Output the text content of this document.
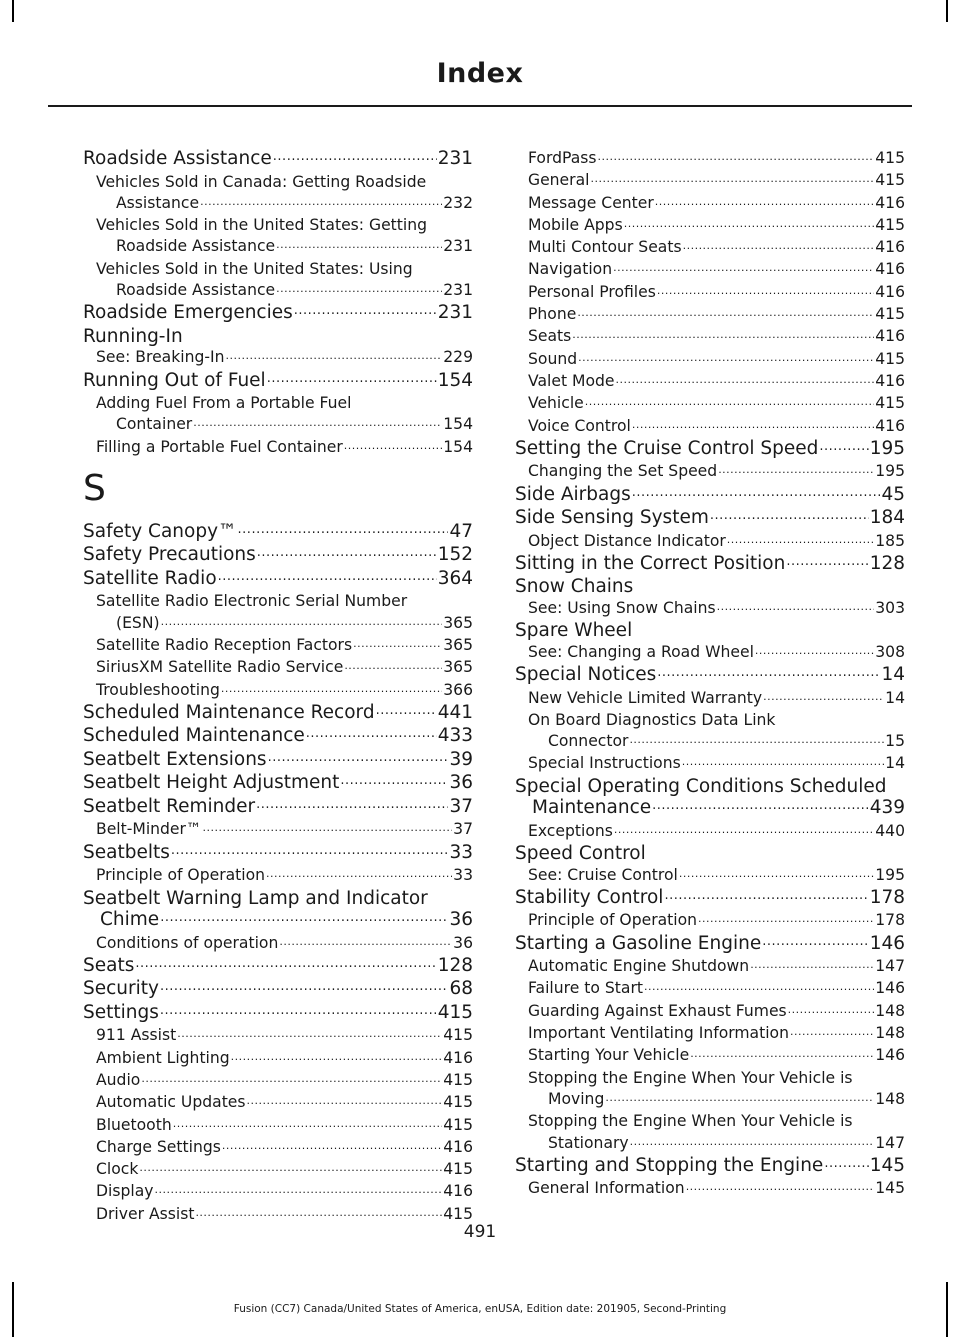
Index
Roadside Assistance .....	231
Vehicles Sold in Canada: Getting Roadside
Assistance .....	232
Vehicles Sold in the United States: Getting
Roadside Assistance .....	231
Vehicles Sold in the United States: Using
Roadside Assistance .....	231
Roadside Emergencies .....	231
Running-In
See: Breaking-In .....	229
Running Out of Fuel .....	154
Adding Fuel From a Portable Fuel
Container .....	154
Filling a Portable Fuel Container .....	154
S
Safety Canopy™ .....	47
Safety Precautions .....	152
Satellite Radio .....	364
Satellite Radio Electronic Serial Number
(ESN) .....	365
Satellite Radio Reception Factors .....	365
SiriusXM Satellite Radio Service .....	365
Troubleshooting .....	366
Scheduled Maintenance Record .....	441
Scheduled Maintenance .....	433
Seatbelt Extensions .....	39
Seatbelt Height Adjustment .....	36
Seatbelt Reminder .....	37
Belt-Minder™ .....	37
Seatbelts .....	33
Principle of Operation .....	33
Seatbelt Warning Lamp and Indicator
Chime .....	36
Conditions of operation .....	36
Seats .....	128
Security .....	68
Settings .....	415
911 Assist .....	415
Ambient Lighting .....	416
Audio .....	415
Automatic Updates .....	415
Bluetooth .....	415
Charge Settings .....	416
Clock .....	415
Display .....	416
Driver Assist .....	415
FordPass .....	415
General .....	415
Message Center .....	416
Mobile Apps .....	415
Multi Contour Seats .....	416
Navigation .....	416
Personal Profiles .....	416
Phone .....	415
Seats .....	416
Sound .....	415
Valet Mode .....	416
Vehicle .....	415
Voice Control .....	416
Setting the Cruise Control Speed .....	195
Changing the Set Speed .....	195
Side Airbags .....	45
Side Sensing System .....	184
Object Distance Indicator .....	185
Sitting in the Correct Position .....	128
Snow Chains
See: Using Snow Chains .....	303
Spare Wheel
See: Changing a Road Wheel .....	308
Special Notices .....	14
New Vehicle Limited Warranty .....	14
On Board Diagnostics Data Link
Connector .....	15
Special Instructions .....	14
Special Operating Conditions Scheduled
Maintenance .....	439
Exceptions .....	440
Speed Control
See: Cruise Control .....	195
Stability Control .....	178
Principle of Operation .....	178
Starting a Gasoline Engine .....	146
Automatic Engine Shutdown .....	147
Failure to Start .....	146
Guarding Against Exhaust Fumes .....	148
Important Ventilating Information .....	148
Starting Your Vehicle .....	146
Stopping the Engine When Your Vehicle is
Moving .....	148
Stopping the Engine When Your Vehicle is
Stationary .....	147
Starting and Stopping the Engine .....	145
General Information .....	145
491
Fusion (CC7) Canada/United States of America, enUSA, Edition date: 201905, Second-Printing
